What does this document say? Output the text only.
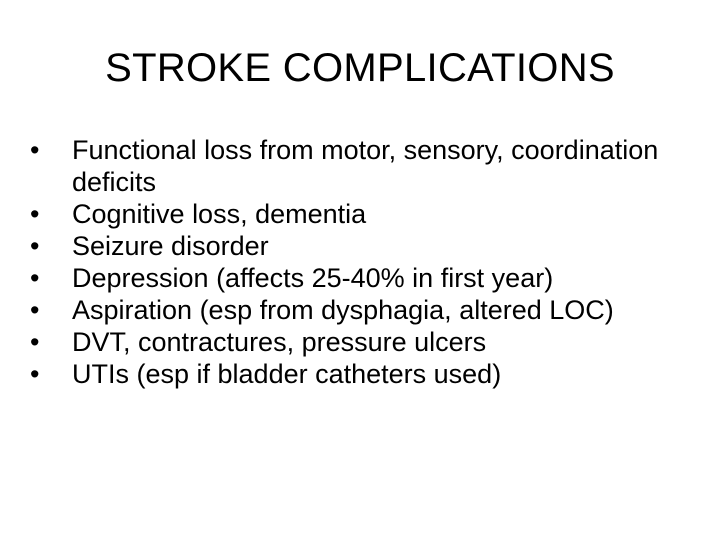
STROKE COMPLICATIONS
•	Functional loss from motor, sensory, coordination deficits
•	Cognitive loss, dementia
•	Seizure disorder
•	Depression (affects 25-40% in first year)
•	Aspiration (esp from dysphagia, altered LOC)
•	DVT, contractures, pressure ulcers
•	UTIs (esp if bladder catheters used)
